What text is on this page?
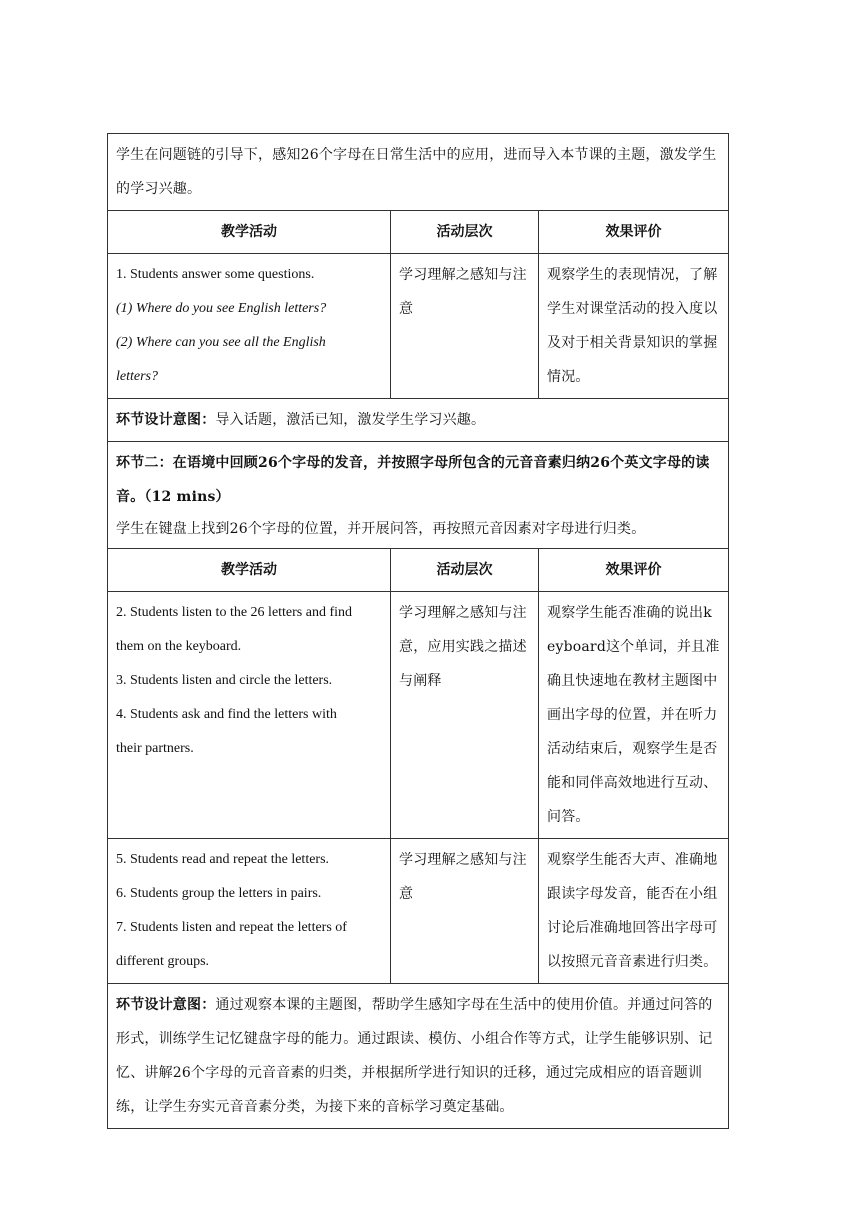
学生在问题链的引导下，感知26个字母在日常生活中的应用，进而导入本节课的主题，激发学生的学习兴趣。		
教学活动	活动层次	效果评价

1. Students answer some questions.
(1) Where do you see English letters?
(2) Where can you see all the English
letters?	学习理解之感知与注意	观察学生的表现情况，了解学生对课堂活动的投入度以及对于相关背景知识的掌握情况。
环节设计意图：导入话题，激活已知，激发学生学习兴趣。		

环节二：在语境中回顾26个字母的发音，并按照字母所包含的元音音素归纳26个英文字母的读音。（12 mins）
学生在键盘上找到26个字母的位置，并开展问答，再按照元音因素对字母进行归类。		

教学活动	活动层次	效果评价

2. Students listen to the 26 letters and find
them on the keyboard.
3. Students listen and circle the letters.
4. Students ask and find the letters with
their partners.	学习理解之感知与注意，应用实践之描述与阐释	观察学生能否准确的说出keyboard这个单词，并且准确且快速地在教材主题图中画出字母的位置，并在听力活动结束后，观察学生是否能和同伴高效地进行互动、问答。

5. Students read and repeat the letters.
6. Students group the letters in pairs.
7. Students listen and repeat the letters of
different groups.	学习理解之感知与注意	观察学生能否大声、准确地跟读字母发音，能否在小组讨论后准确地回答出字母可以按照元音音素进行归类。
环节设计意图：通过观察本课的主题图，帮助学生感知字母在生活中的使用价值。并通过问答的形式，训练学生记忆键盘字母的能力。通过跟读、模仿、小组合作等方式，让学生能够识别、记忆、讲解26个字母的元音音素的归类，并根据所学进行知识的迁移，通过完成相应的语音题训练，让学生夯实元音音素分类，为接下来的音标学习奠定基础。		
